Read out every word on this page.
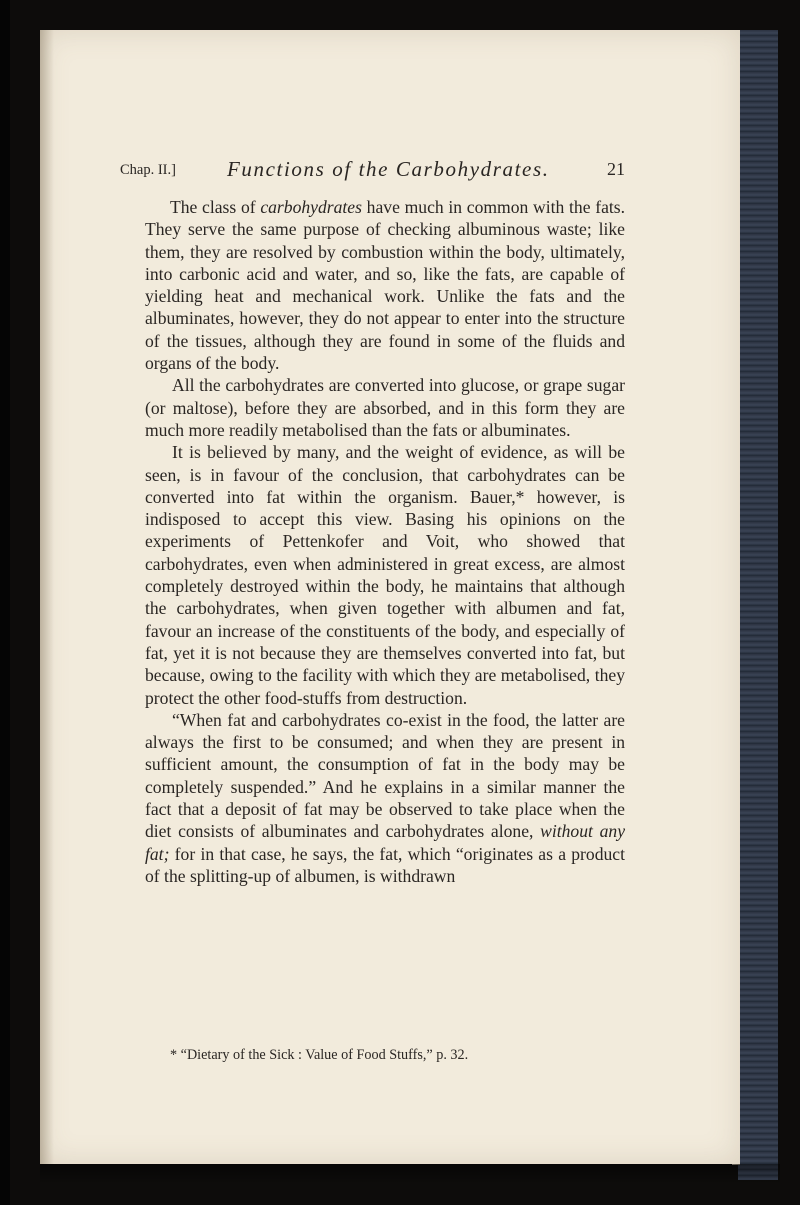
Chap. II.] Functions of the Carbohydrates.	21

The class of carbohydrates have much in common with the fats. They serve the same purpose of checking albuminous waste; like them, they are resolved by combustion within the body, ultimately, into carbonic acid and water, and so, like the fats, are capable of yielding heat and mechanical work. Unlike the fats and the albuminates, however, they do not appear to enter into the structure of the tissues, although they are found in some of the fluids and organs of the body.

All the carbohydrates are converted into glucose, or grape sugar (or maltose), before they are absorbed, and in this form they are much more readily metabolised than the fats or albuminates.

It is believed by many, and the weight of evidence, as will be seen, is in favour of the conclusion, that carbohydrates can be converted into fat within the organism. Bauer,* however, is indisposed to accept this view. Basing his opinions on the experiments of Pettenkofer and Voit, who showed that carbohydrates, even when administered in great excess, are almost completely destroyed within the body, he maintains that although the carbohydrates, when given together with albumen and fat, favour an increase of the constituents of the body, and especially of fat, yet it is not because they are themselves converted into fat, but because, owing to the facility with which they are metabolised, they protect the other food-stuffs from destruction.

“When fat and carbohydrates co-exist in the food, the latter are always the first to be consumed; and when they are present in sufficient amount, the consumption of fat in the body may be completely suspended.” And he explains in a similar manner the fact that a deposit of fat may be observed to take place when the diet consists of albuminates and carbohydrates alone, without any fat; for in that case, he says, the fat, which “originates as a product of the splitting-up of albumen, is withdrawn

* “Dietary of the Sick : Value of Food Stuffs,” p. 32.
